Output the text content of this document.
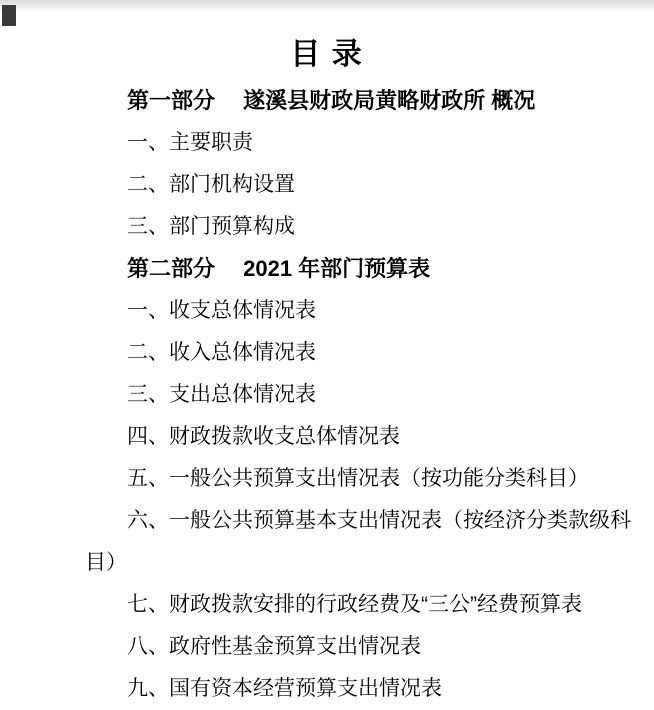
目 录

第一部分　 遂溪县财政局黄略财政所 概况

一、主要职责

二、部门机构设置

三、部门预算构成

第二部分　 2021 年部门预算表

一、收支总体情况表

二、收入总体情况表

三、支出总体情况表

四、财政拨款收支总体情况表

五、一般公共预算支出情况表（按功能分类科目）

六、一般公共预算基本支出情况表（按经济分类款级科目）

七、财政拨款安排的行政经费及“三公”经费预算表

八、政府性基金预算支出情况表

九、国有资本经营预算支出情况表
